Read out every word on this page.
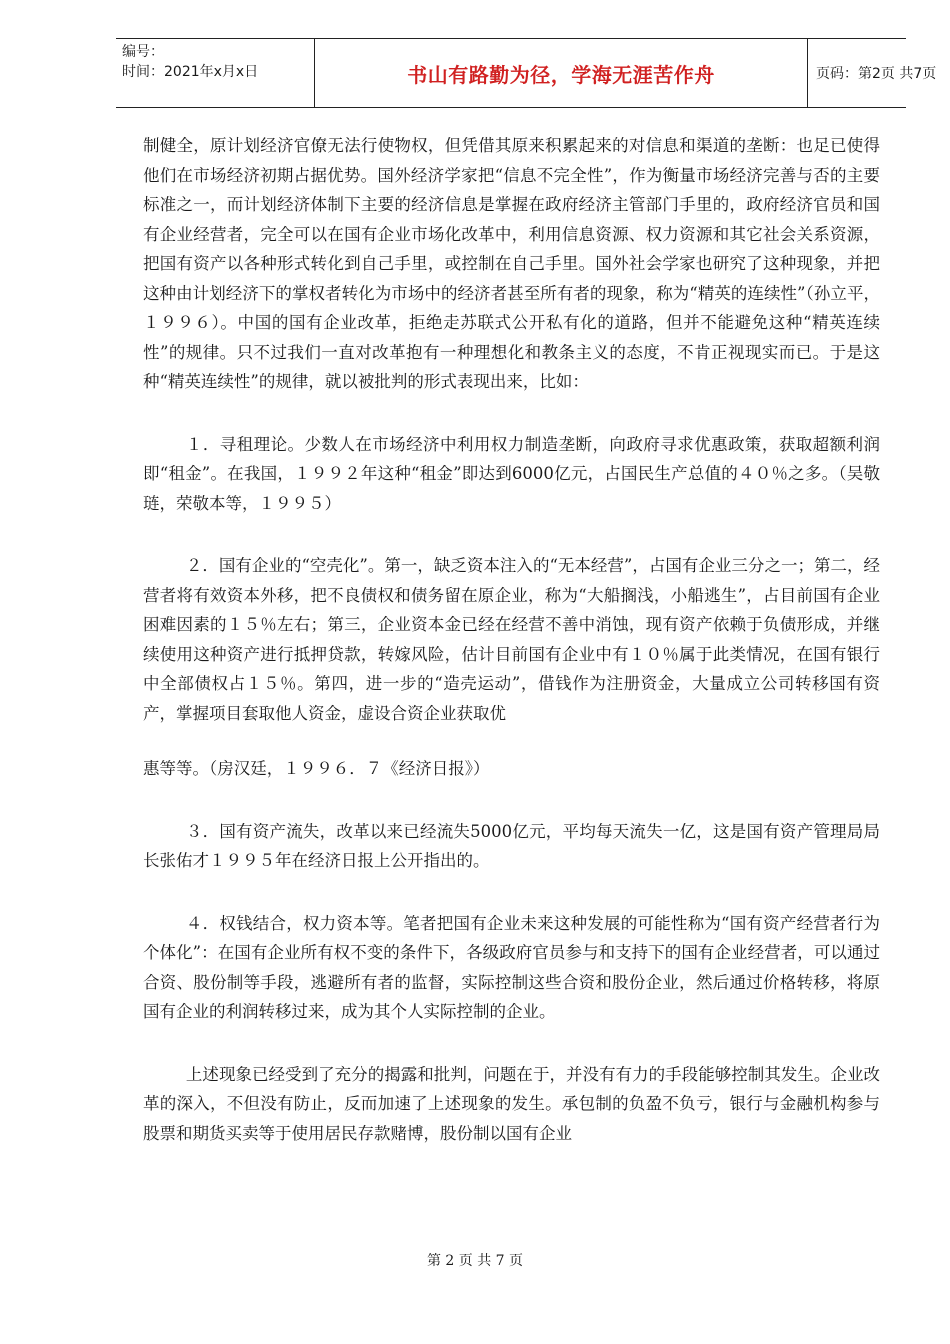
编号：
时间：2021年x月x日	书山有路勤为径，学海无涯苦作舟	页码：第2页 共7页

制健全，原计划经济官僚无法行使物权，但凭借其原来积累起来的对信息和渠道的垄断：也足已使得他们在市场经济初期占据优势。国外经济学家把“信息不完全性”，作为衡量市场经济完善与否的主要标准之一，而计划经济体制下主要的经济信息是掌握在政府经济主管部门手里的，政府经济官员和国有企业经营者，完全可以在国有企业市场化改革中，利用信息资源、权力资源和其它社会关系资源，把国有资产以各种形式转化到自己手里，或控制在自己手里。国外社会学家也研究了这种现象，并把这种由计划经济下的掌权者转化为市场中的经济者甚至所有者的现象，称为“精英的连续性”（孙立平，１９９６）。中国的国有企业改革，拒绝走苏联式公开私有化的道路，但并不能避免这种“精英连续性”的规律。只不过我们一直对改革抱有一种理想化和教条主义的态度，不肯正视现实而已。于是这种“精英连续性”的规律，就以被批判的形式表现出来，比如：

１．寻租理论。少数人在市场经济中利用权力制造垄断，向政府寻求优惠政策，获取超额利润即“租金”。在我国，１９９２年这种“租金”即达到6000亿元，占国民生产总值的４０％之多。（吴敬琏，荣敬本等，１９９５）

２．国有企业的“空壳化”。第一，缺乏资本注入的“无本经营”，占国有企业三分之一；第二，经营者将有效资本外移，把不良债权和债务留在原企业，称为“大船搁浅，小船逃生”，占目前国有企业困难因素的１５％左右；第三，企业资本金已经在经营不善中消蚀，现有资产依赖于负债形成，并继续使用这种资产进行抵押贷款，转嫁风险，估计目前国有企业中有１０％属于此类情况，在国有银行中全部债权占１５％。第四，进一步的“造壳运动”，借钱作为注册资金，大量成立公司转移国有资产，掌握项目套取他人资金，虚设合资企业获取优

惠等等。（房汉廷，１９９６．７《经济日报》）

３．国有资产流失，改革以来已经流失5000亿元，平均每天流失一亿，这是国有资产管理局局长张佑才１９９５年在经济日报上公开指出的。

４．权钱结合，权力资本等。笔者把国有企业未来这种发展的可能性称为“国有资产经营者行为个体化”：在国有企业所有权不变的条件下，各级政府官员参与和支持下的国有企业经营者，可以通过合资、股份制等手段，逃避所有者的监督，实际控制这些合资和股份企业，然后通过价格转移，将原国有企业的利润转移过来，成为其个人实际控制的企业。

上述现象已经受到了充分的揭露和批判，问题在于，并没有有力的手段能够控制其发生。企业改革的深入，不但没有防止，反而加速了上述现象的发生。承包制的负盈不负亏，银行与金融机构参与股票和期货买卖等于使用居民存款赌博，股份制以国有企业

第 2 页 共 7 页
